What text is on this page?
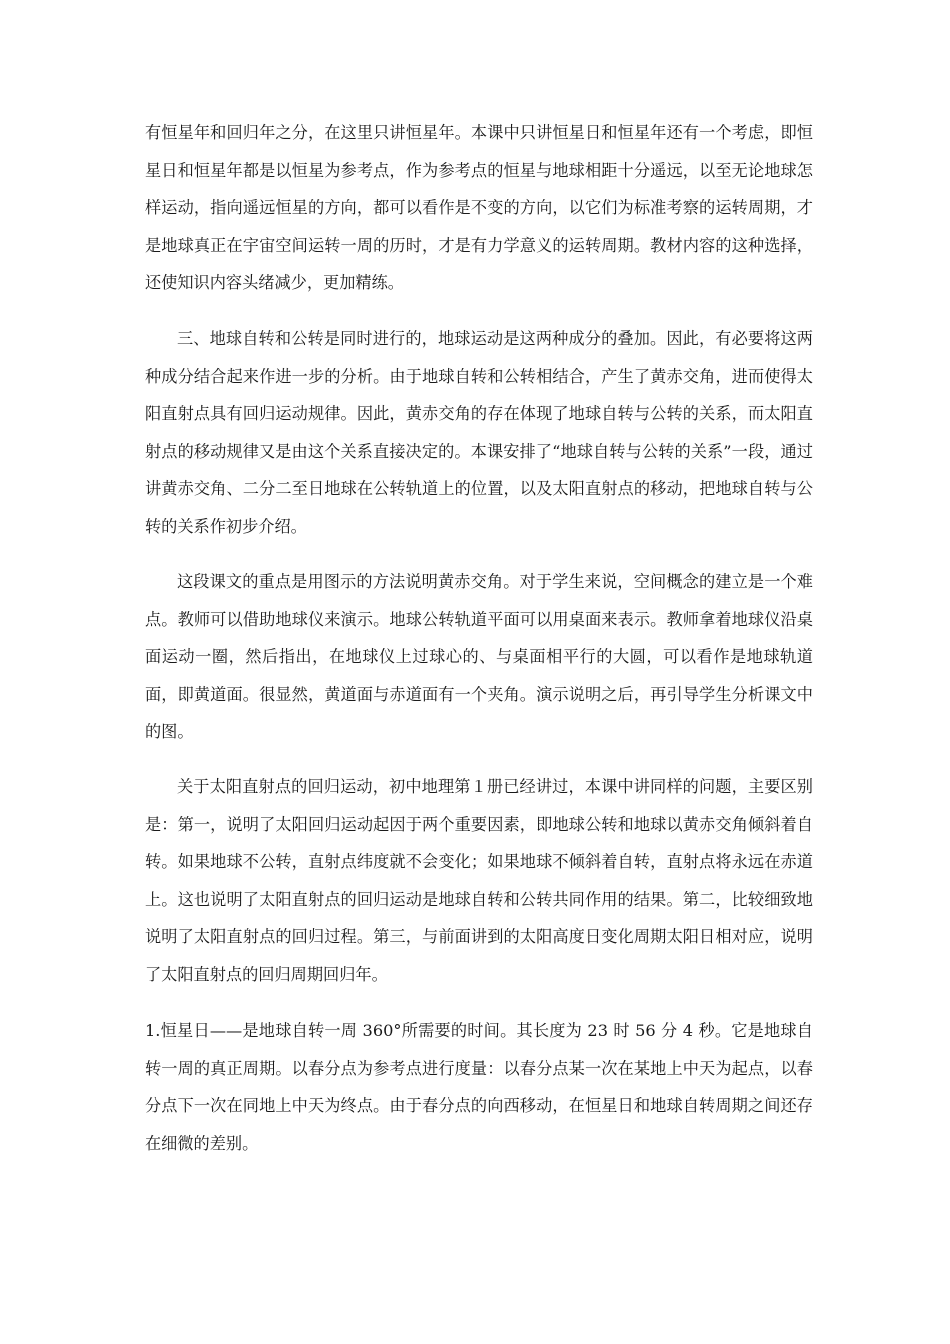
有恒星年和回归年之分，在这里只讲恒星年。本课中只讲恒星日和恒星年还有一个考虑，即恒星日和恒星年都是以恒星为参考点，作为参考点的恒星与地球相距十分遥远，以至无论地球怎样运动，指向遥远恒星的方向，都可以看作是不变的方向，以它们为标准考察的运转周期，才是地球真正在宇宙空间运转一周的历时，才是有力学意义的运转周期。教材内容的这种选择，还使知识内容头绪减少，更加精练。

三、地球自转和公转是同时进行的，地球运动是这两种成分的叠加。因此，有必要将这两种成分结合起来作进一步的分析。由于地球自转和公转相结合，产生了黄赤交角，进而使得太阳直射点具有回归运动规律。因此，黄赤交角的存在体现了地球自转与公转的关系，而太阳直射点的移动规律又是由这个关系直接决定的。本课安排了“地球自转与公转的关系”一段，通过讲黄赤交角、二分二至日地球在公转轨道上的位置，以及太阳直射点的移动，把地球自转与公转的关系作初步介绍。

这段课文的重点是用图示的方法说明黄赤交角。对于学生来说，空间概念的建立是一个难点。教师可以借助地球仪来演示。地球公转轨道平面可以用桌面来表示。教师拿着地球仪沿桌面运动一圈，然后指出，在地球仪上过球心的、与桌面相平行的大圆，可以看作是地球轨道面，即黄道面。很显然，黄道面与赤道面有一个夹角。演示说明之后，再引导学生分析课文中的图。

关于太阳直射点的回归运动，初中地理第１册已经讲过，本课中讲同样的问题，主要区别是：第一，说明了太阳回归运动起因于两个重要因素，即地球公转和地球以黄赤交角倾斜着自转。如果地球不公转，直射点纬度就不会变化；如果地球不倾斜着自转，直射点将永远在赤道上。这也说明了太阳直射点的回归运动是地球自转和公转共同作用的结果。第二，比较细致地说明了太阳直射点的回归过程。第三，与前面讲到的太阳高度日变化周期太阳日相对应，说明了太阳直射点的回归周期回归年。

1.恒星日——是地球自转一周 360°所需要的时间。其长度为 23 时 56 分 4 秒。它是地球自转一周的真正周期。以春分点为参考点进行度量：以春分点某一次在某地上中天为起点，以春分点下一次在同地上中天为终点。由于春分点的向西移动，在恒星日和地球自转周期之间还存在细微的差别。
